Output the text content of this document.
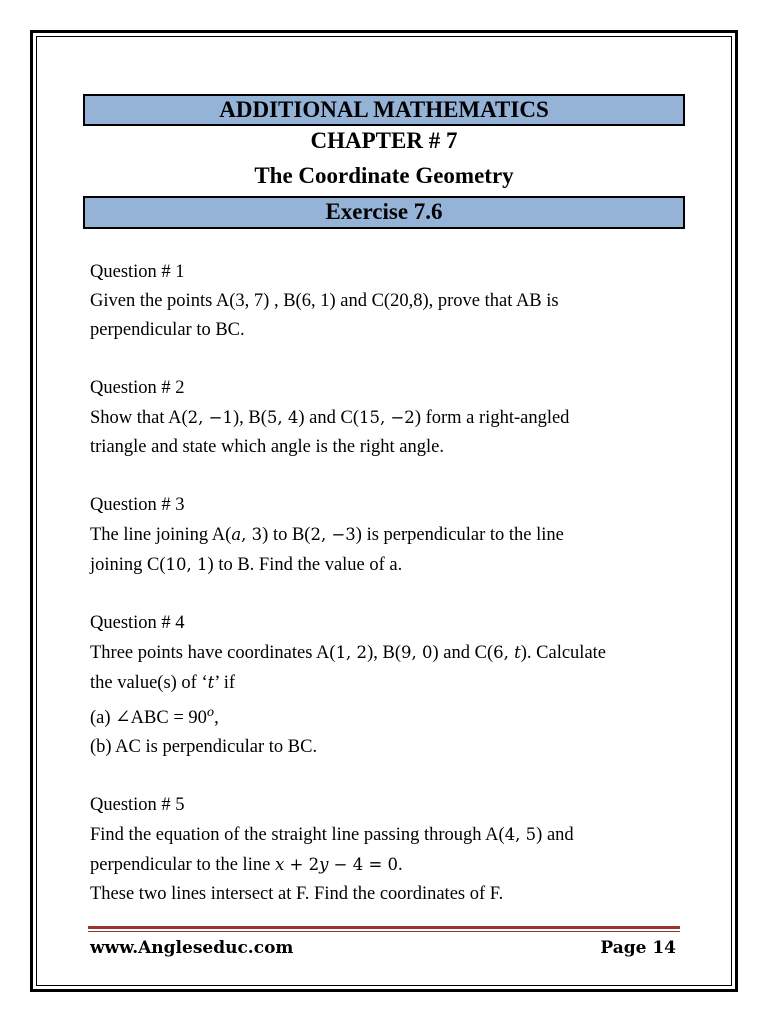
ADDITIONAL MATHEMATICS
CHAPTER # 7
The Coordinate Geometry
Exercise 7.6

Question # 1

Given the points A(3, 7) , B(6, 1) and C(20,8), prove that AB is

perpendicular to BC.

Question # 2

Show that A(2, −1), B(5, 4) and C(15, −2) form a right-angled

triangle and state which angle is the right angle.

Question # 3

The line joining A(a, 3) to B(2, −3) is perpendicular to the line

joining C(10, 1) to B. Find the value of a.

Question # 4

Three points have coordinates A(1, 2), B(9, 0) and C(6, t). Calculate

the value(s) of ‘t’ if

(a) ∠ABC = $90^o$,

(b) AC is perpendicular to BC.

Question # 5

Find the equation of the straight line passing through A(4, 5) and

perpendicular to the line x + 2y − 4 = 0.

These two lines intersect at F. Find the coordinates of F.

www.Angleseduc.com	Page 14
